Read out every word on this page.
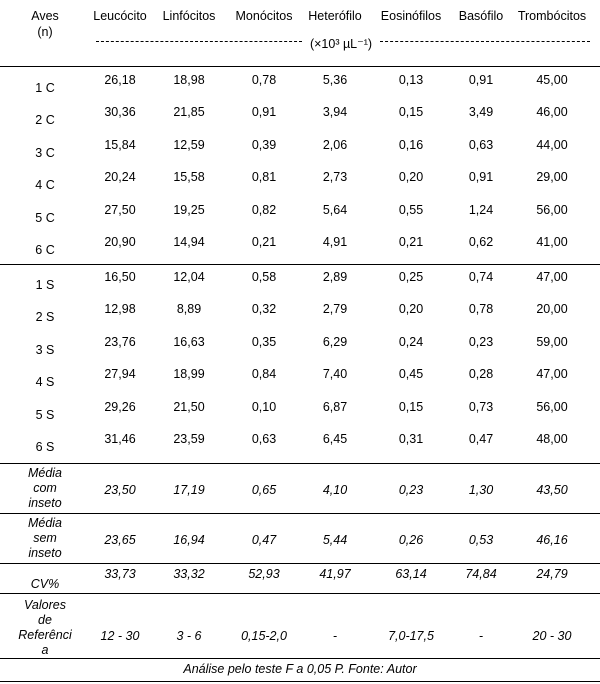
Aves
(n)
Leucócito Linfócitos Monócitos Heterófilo Eosinófilos Basófilo Trombócitos
(×10³ µL⁻¹)
1 C
26,18	18,98	0,78	5,36	0,13	0,91	45,00
2 C
30,36	21,85	0,91	3,94	0,15	3,49	46,00
3 C
15,84	12,59	0,39	2,06	0,16	0,63	44,00
4 C
20,24	15,58	0,81	2,73	0,20	0,91	29,00
5 C
27,50	19,25	0,82	5,64	0,55	1,24	56,00
6 C
20,90	14,94	0,21	4,91	0,21	0,62	41,00
1 S
16,50	12,04	0,58	2,89	0,25	0,74	47,00
2 S
12,98	8,89	0,32	2,79	0,20	0,78	20,00
3 S
23,76	16,63	0,35	6,29	0,24	0,23	59,00
4 S
27,94	18,99	0,84	7,40	0,45	0,28	47,00
5 S
29,26	21,50	0,10	6,87	0,15	0,73	56,00
6 S
31,46	23,59	0,63	6,45	0,31	0,47	48,00
Média
com
inseto
23,50	17,19	0,65	4,10	0,23	1,30	43,50
Média
sem
inseto
23,65	16,94	0,47	5,44	0,26	0,53	46,16
CV%
33,73	33,32	52,93	41,97	63,14	74,84	24,79
Valores
de
Referênci
a
12 - 30	3 - 6	0,15-2,0	-	7,0-17,5	-	20 - 30
Análise pelo teste F a 0,05 P. Fonte: Autor
